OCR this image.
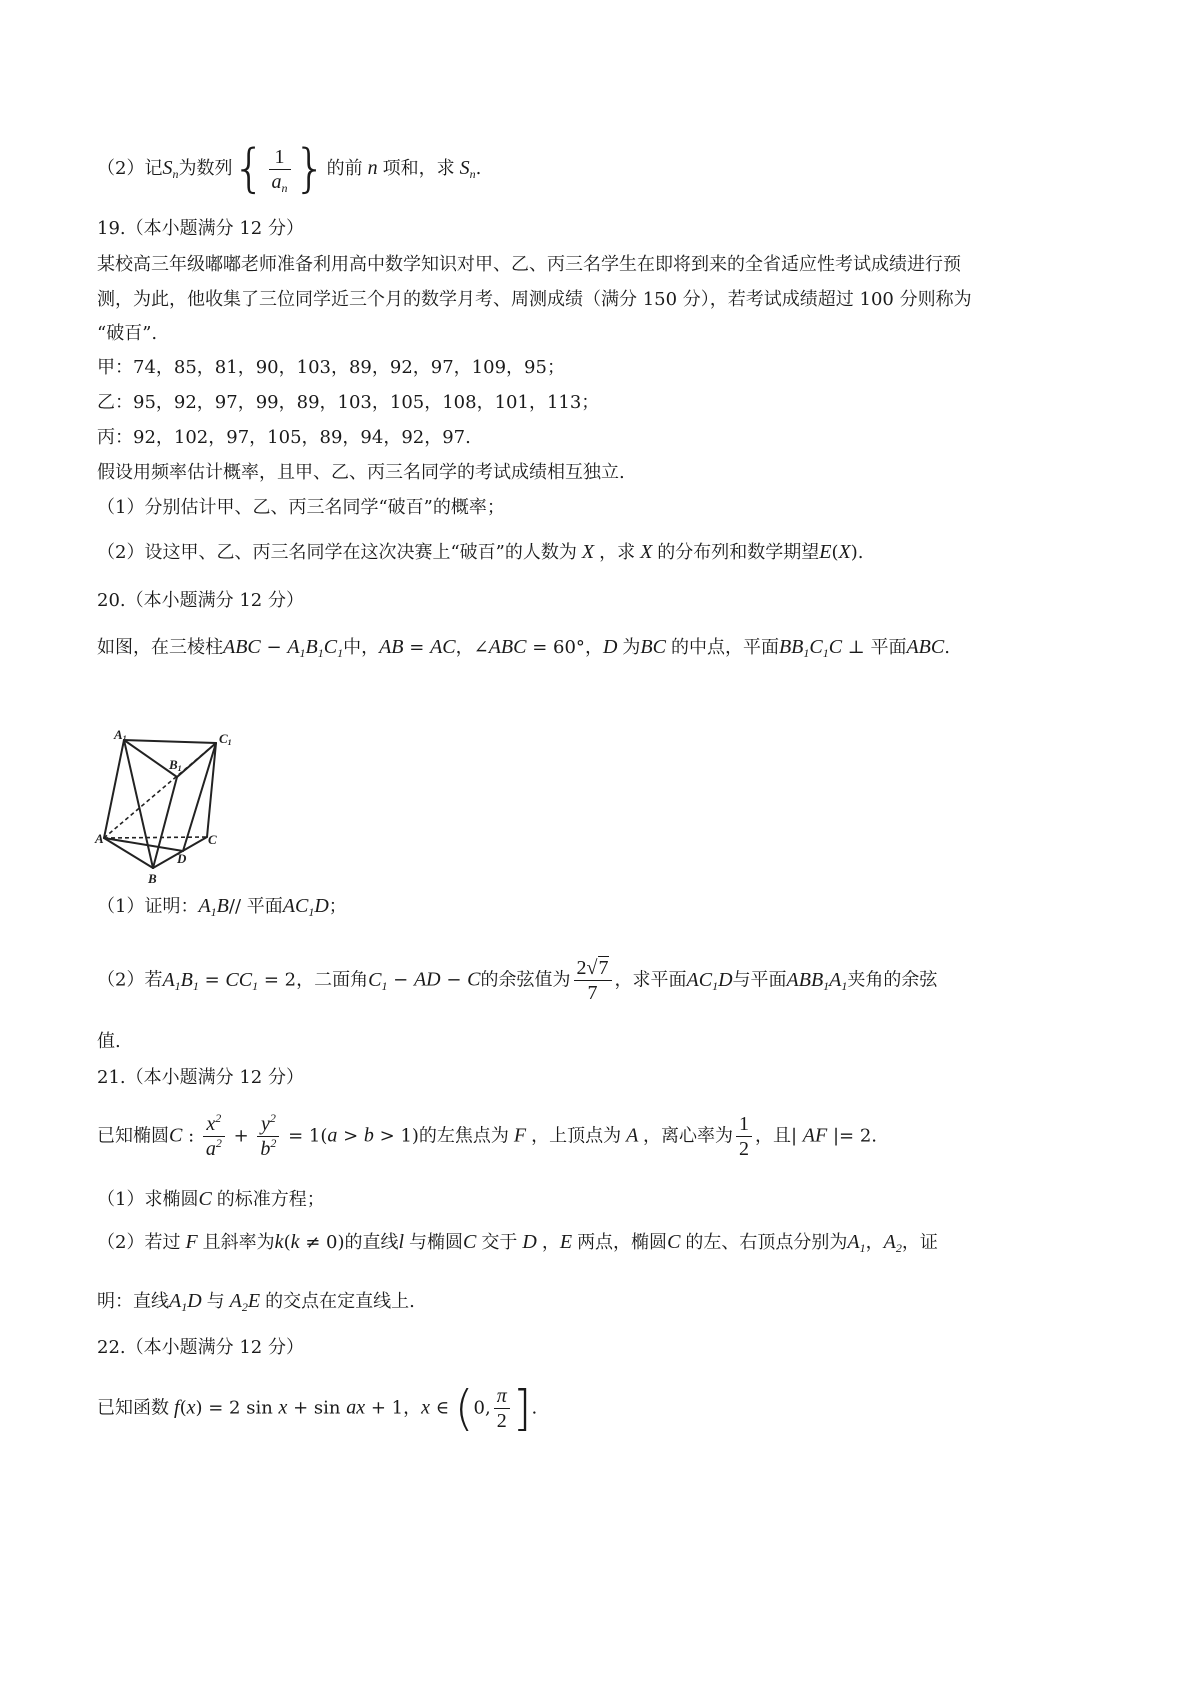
（2）记$S_n$为数列{ $\frac{1}{a_n}$ }的前 n 项和，求 $S_n$.
19.（本小题满分 12 分）
某校高三年级嘟嘟老师准备利用高中数学知识对甲、乙、丙三名学生在即将到来的全省适应性考试成绩进行预
测，为此，他收集了三位同学近三个月的数学月考、周测成绩（满分 150 分），若考试成绩超过 100 分则称为
“破百”.
甲：74，85，81，90，103，89，92，97，109，95；
乙：95，92，97，99，89，103，105，108，101，113；
丙：92，102，97，105，89，94，92，97.
假设用频率估计概率，且甲、乙、丙三名同学的考试成绩相互独立.
（1）分别估计甲、乙、丙三名同学“破百”的概率；
（2）设这甲、乙、丙三名同学在这次决赛上“破百”的人数为 X ，求 X 的分布列和数学期望E(X).
20.（本小题满分 12 分）
如图，在三棱柱ABC − $A_1B_1C_1$中，AB = AC，∠ABC = 60°，D 为BC 的中点，平面$BB_1C_1C$ ⊥ 平面ABC.
A1	C1
B1
A	C
D
B
（1）证明：$A_1B//$ 平面$AC_1D$；
（2）若$A_1B_1 = CC_1 = 2$，二面角$C_1$ − AD − C的余弦值为 $\frac{2√7}{7}$ ，求平面$AC_1D$与平面$ABB_1A_1$夹角的余弦
值.
21.（本小题满分 12 分）
已知椭圆C : $\frac{x^2}{a^2} + \frac{y^2}{b^2} = 1(a > b > 1)$的左焦点为 F ，上顶点为 A ，离心率为 $\frac{1}{2}$ ，且| AF |= 2.
（1）求椭圆C 的标准方程；
（2）若过 F 且斜率为k(k ≠ 0)的直线l 与椭圆C 交于 D ，E 两点，椭圆C 的左、右顶点分别为$A_1$，$A_2$，证
明：直线$A_1D$ 与 $A_2E$ 的交点在定直线上.
22.（本小题满分 12 分）
已知函数 f(x) = 2 sin x + sin ax + 1，x ∈ (0, $\frac{\pi}{2}$ ].
